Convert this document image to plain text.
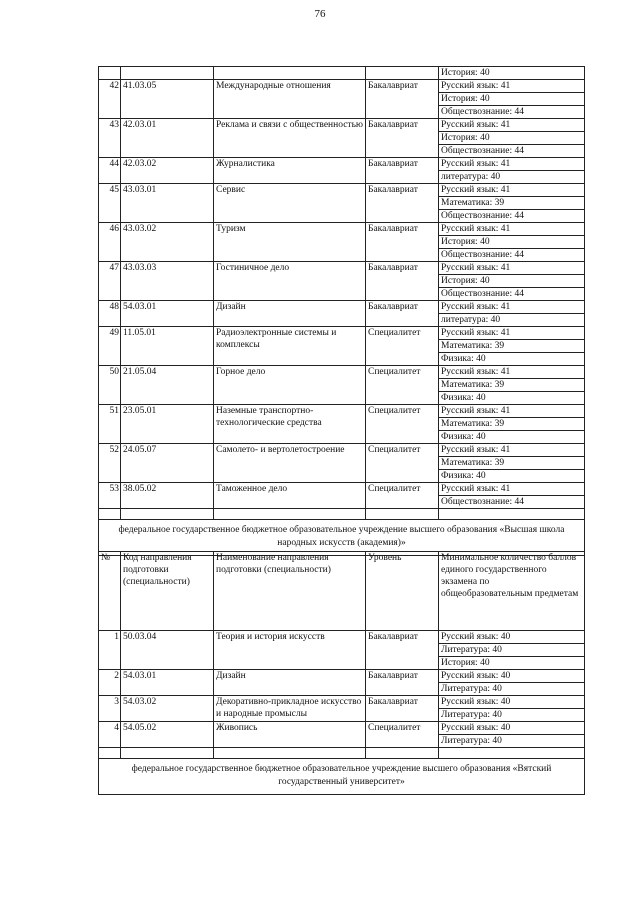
76
				История: 40
42	41.03.05	Международные отношения	Бакалавриат	Русский язык: 41
				История: 40
				Обществознание: 44
43	42.03.01	Реклама и связи с общественностью	Бакалавриат	Русский язык: 41
				История: 40
				Обществознание: 44
44	42.03.02	Журналистика	Бакалавриат	Русский язык: 41
				литература: 40
45	43.03.01	Сервис	Бакалавриат	Русский язык: 41
				Математика: 39
				Обществознание: 44
46	43.03.02	Туризм	Бакалавриат	Русский язык: 41
				История: 40
				Обществознание: 44
47	43.03.03	Гостиничное дело	Бакалавриат	Русский язык: 41
				История: 40
				Обществознание: 44
48	54.03.01	Дизайн	Бакалавриат	Русский язык: 41
				литература: 40
49	11.05.01	Радиоэлектронные системы и комплексы	Специалитет	Русский язык: 41
				Математика: 39
				Физика: 40
50	21.05.04	Горное дело	Специалитет	Русский язык: 41
				Математика: 39
				Физика: 40
51	23.05.01	Наземные транспортно-технологические средства	Специалитет	Русский язык: 41
				Математика: 39
				Физика: 40
52	24.05.07	Самолето- и вертолетостроение	Специалитет	Русский язык: 41
				Математика: 39
				Физика: 40
53	38.05.02	Таможенное дело	Специалитет	Русский язык: 41
				Обществознание: 44

федеральное государственное бюджетное образовательное учреждение высшего образования «Высшая школа народных искусств (академия)»				
№	Код направления подготовки (специальности)	Наименование направления подготовки (специальности)	Уровень	Минимальное количество баллов единого государственного экзамена по общеобразовательным предметам
1	50.03.04	Теория и история искусств	Бакалавриат	Русский язык: 40
				Литература: 40
				История: 40
2	54.03.01	Дизайн	Бакалавриат	Русский язык: 40
				Литература: 40
3	54.03.02	Декоративно-прикладное искусство и народные промыслы	Бакалавриат	Русский язык: 40
				Литература: 40
4	54.05.02	Живопись	Специалитет	Русский язык: 40
				Литература: 40

федеральное государственное бюджетное образовательное учреждение высшего образования «Вятский государственный университет»				
